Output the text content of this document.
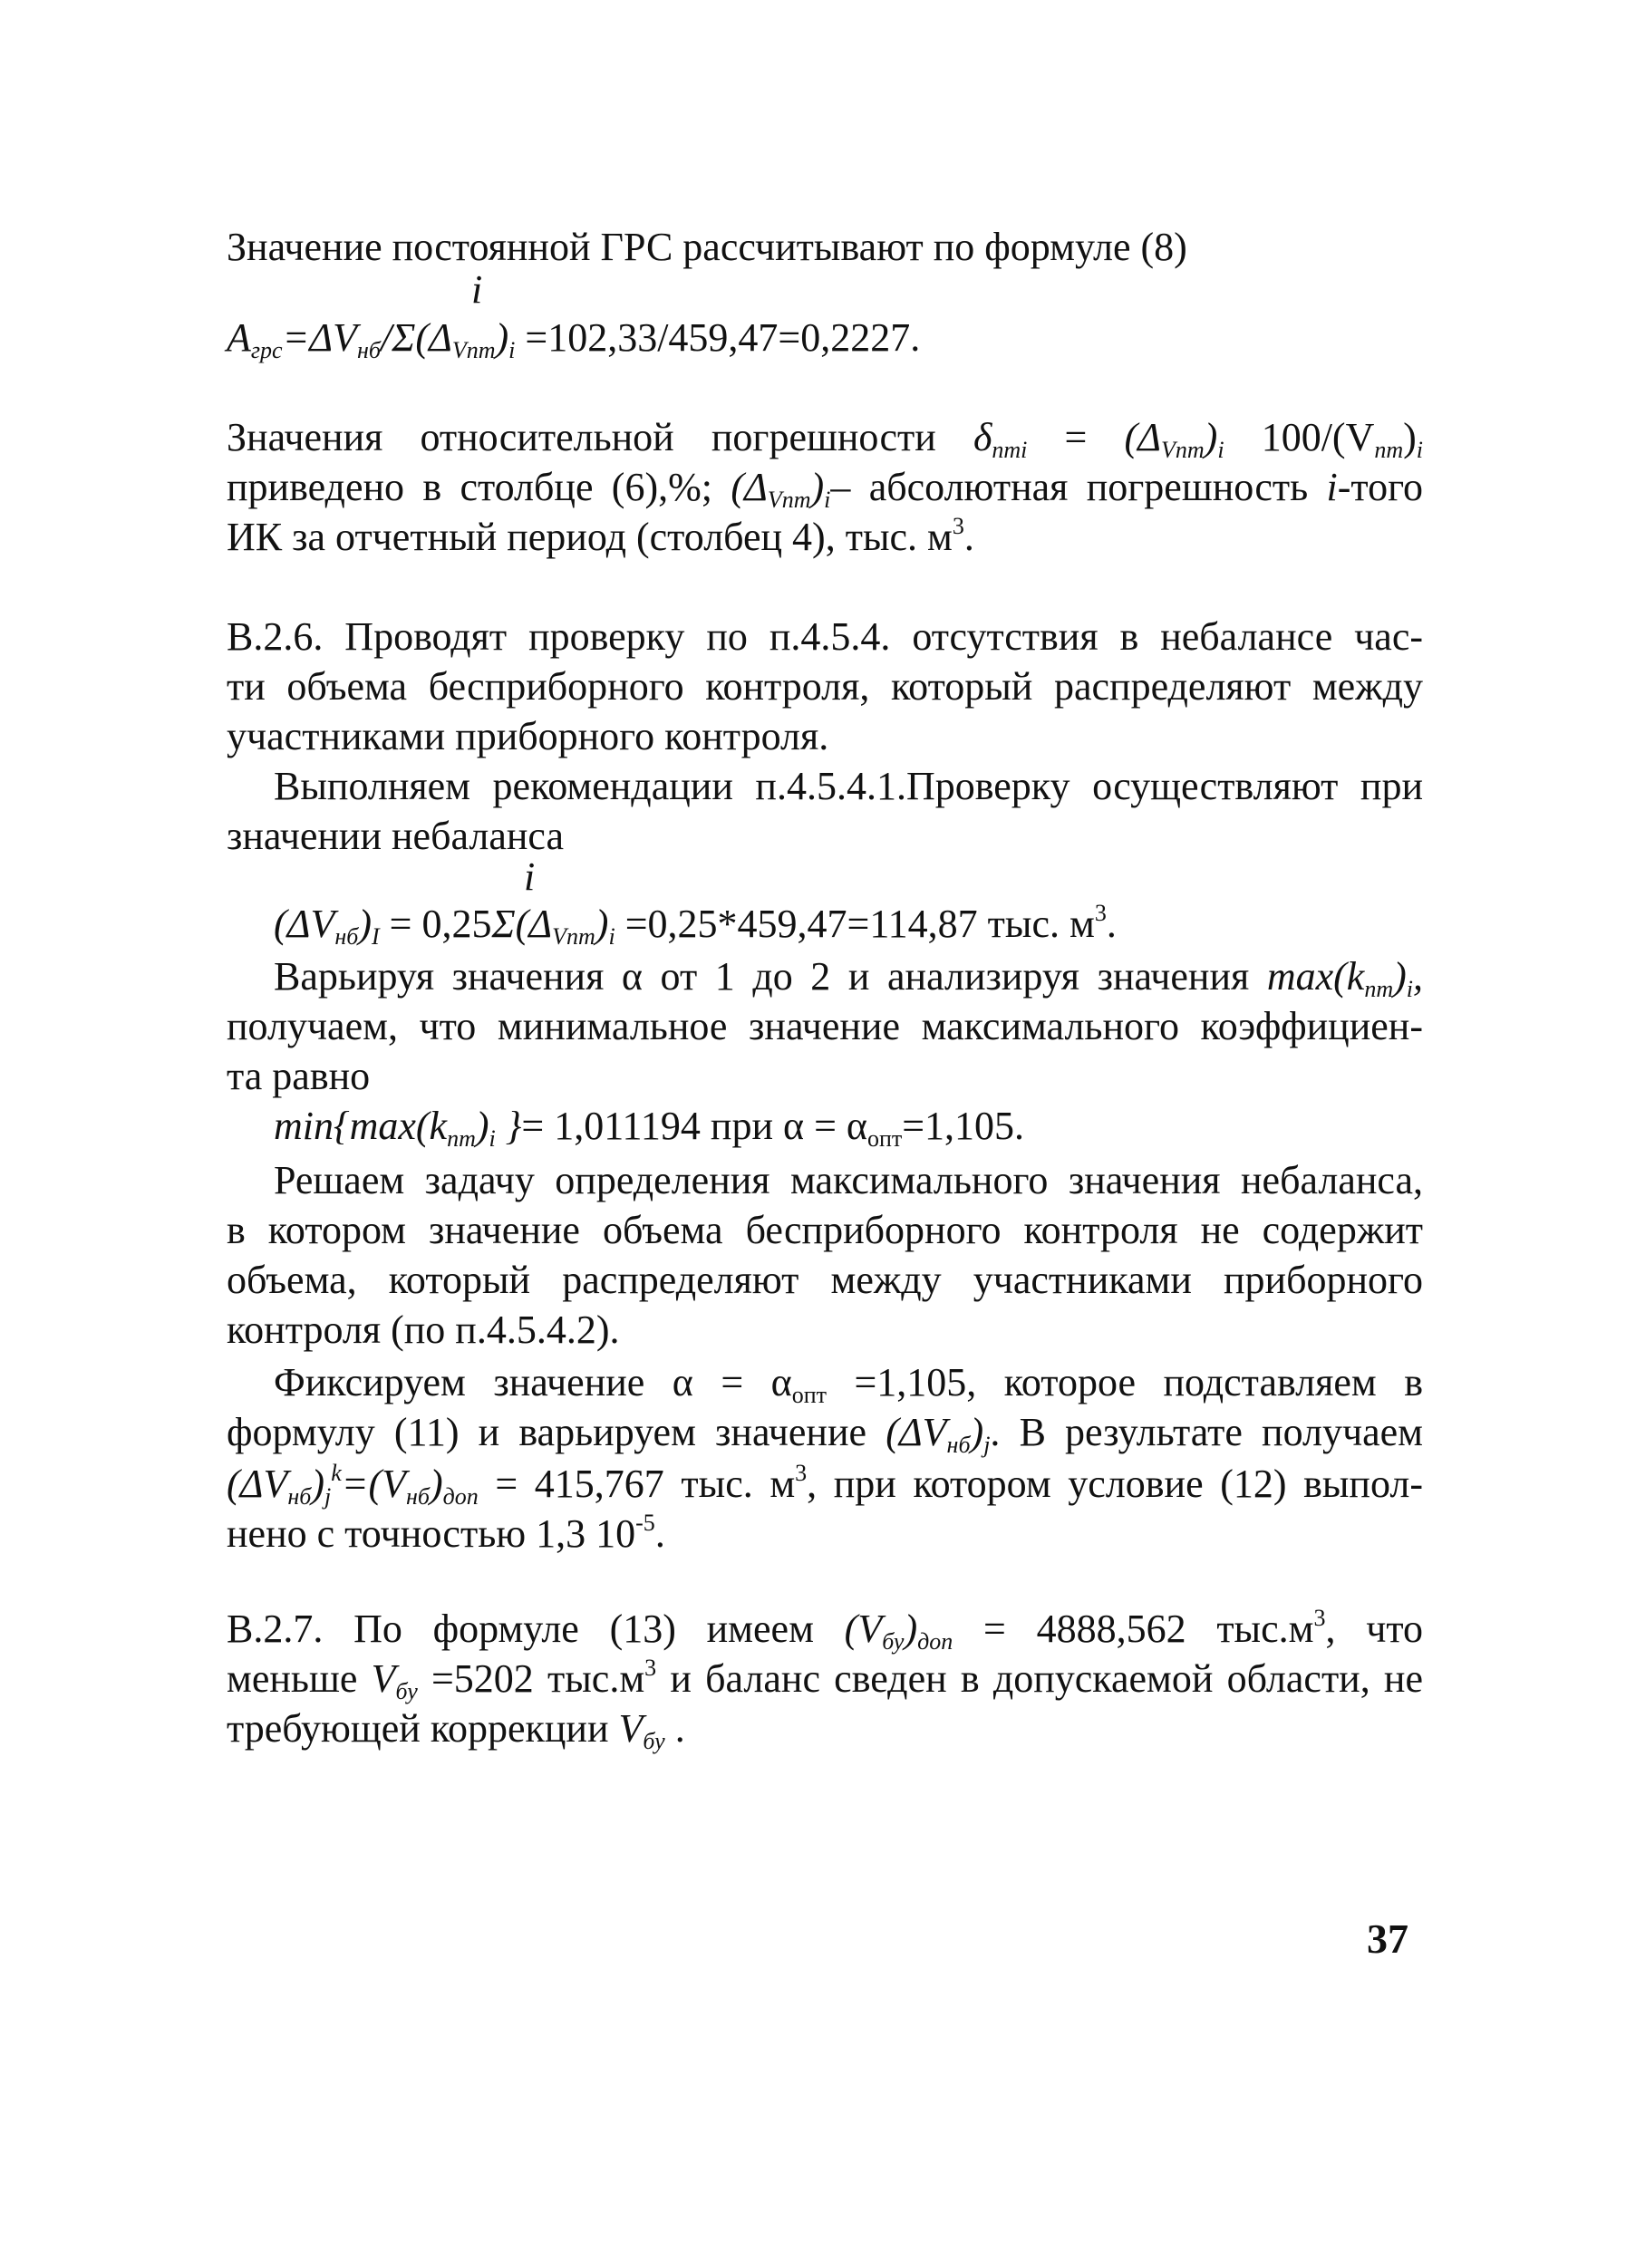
Значение постоянной ГРС рассчитывают по формуле (8)
i
$A_{грс}=\Delta V_{нб}/\Sigma(\Delta_{Vnm})_i =102,33/459,47=0,2227$.
Значения относительной погрешности $\delta_{nmi} = (\Delta_{Vnm})_i$ $100/(V_{nm})_i$
приведено в столбце (6),%; $(\Delta_{Vnm})_i-$ абсолютная погрешность i-того
ИК за отчетный период (столбец 4), тыс. $м^3$.
В.2.6. Проводят проверку по п.4.5.4. отсутствия в небалансе час-
ти объема бесприборного контроля, который распределяют между
участниками приборного контроля.
Выполняем рекомендации п.4.5.4.1.Проверку осуществляют при
значении небаланса
i
$(\Delta V_{нб})_I = 0,25\Sigma(\Delta_{Vnm})_i =0,25*459,47=114,87$ тыс. $м^3$.
Варьируя значения α от 1 до 2 и анализируя значения $\max(k_{nm})_i$,
получаем, что минимальное значение максимального коэффициен-
та равно
$\min\{\max(k_{nm})_i$ }= 1,011194 при $\alpha = \alpha_{опт}=1,105$.
Решаем задачу определения максимального значения небаланса,
в котором значение объема бесприборного контроля не содержит
объема, который распределяют между участниками приборного
контроля (по п.4.5.4.2).
Фиксируем значение $\alpha = \alpha_{опт} =1,105$, которое подставляем в
формулу (11) и варьируем значение $(\Delta V_{нб})_j$. В результате получаем
$(\Delta V_{нб})_j^k=(V_{нб})_{доп} = 415,767$ тыс. $м^3$, при котором условие (12) выпол-
нено с точностью 1,3 $10^{-5}$.
В.2.7. По формуле (13) имеем $(V_{бу})_{доп} = 4888,562$ $тыс.м^3$, что
меньше $V_{бу} =5202$ $тыс.м^3$ и баланс сведен в допускаемой области, не
требующей коррекции $V_{бу}$ .
37
